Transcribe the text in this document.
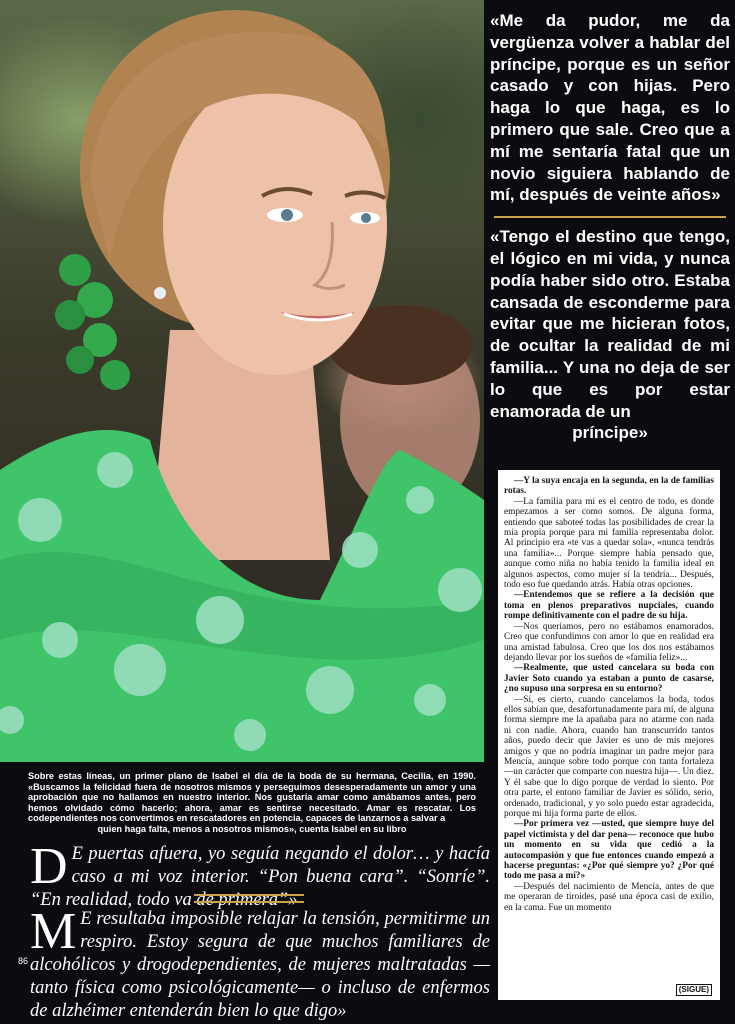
«Me da pudor, me da vergüenza volver a hablar del príncipe, porque es un señor casado y con hijas. Pero haga lo que haga, es lo primero que sale. Creo que a mí me sentaría fatal que un novio siguiera hablando de mí, después de veinte años»

«Tengo el destino que tengo, el lógico en mi vida, y nunca podía haber sido otro. Estaba cansada de esconderme para evitar que me hicieran fotos, de ocultar la realidad de mi familia... Y una no deja de ser lo que es por estar enamorada de un

príncipe»

—Y la suya encaja en la segunda, en la de familias rotas.

—La familia para mí es el centro de todo, es donde empezamos a ser como somos. De alguna forma, entiendo que saboteé todas las posibilidades de crear la mía propia porque para mi familia representaba dolor. Al principio era «te vas a quedar sola», «nunca tendrás una familia»... Porque siempre había pensado que, aunque como niña no había tenido la familia ideal en algunos aspectos, como mujer sí la tendría... Después, todo eso fue quedando atrás. Había otras opciones.

—Entendemos que se refiere a la decisión que toma en plenos preparativos nupciales, cuando rompe definitivamente con el padre de su hija.

—Nos queríamos, pero no estábamos enamorados. Creo que confundimos con amor lo que en realidad era una amistad fabulosa. Creo que los dos nos estábamos dejando llevar por los sueños de «familia feliz»...

—Realmente, que usted cancelara su boda con Javier Soto cuando ya estaban a punto de casarse, ¿no supuso una sorpresa en su entorno?

—Sí, es cierto, cuando cancelamos la boda, todos ellos sabían que, desafortunadamente para mí, de alguna forma siempre me la apañaba para no atarme con nada ni con nadie. Ahora, cuando han transcurrido tantos años, puedo decir que Javier es uno de mis mejores amigos y que no podría imaginar un padre mejor para Mencía, aunque sobre todo porque con tanta fortaleza —un carácter que comparte con nuestra hija—. Un diez. Y él sabe que lo digo porque de verdad lo siento. Por otra parte, el entono familiar de Javier es sólido, serio, ordenado, tradicional, y yo solo puedo estar agradecida, porque mi hija forma parte de ellos.

—Por primera vez —usted, que siempre huye del papel victimista y del dar pena— reconoce que hubo un momento en su vida que cedió a la autocompasión y que fue entonces cuando empezó a hacerse preguntas: «¿Por qué siempre yo? ¿Por qué todo me pasa a mí?»

—Después del nacimiento de Mencía, antes de que me operaran de tiroides, pasé una época casi de exilio, en la cama. Fue un momento

(SIGUE)
Sobre estas líneas, un primer plano de Isabel el día de la boda de su hermana, Cecilia, en 1990. «Buscamos la felicidad fuera de nosotros mismos y perseguimos desesperadamente un amor y una aprobación que no hallamos en nuestro interior. Nos gustaría amar como amábamos antes, pero hemos olvidado cómo hacerlo; ahora, amar es sentirse necesitado. Amar es rescatar. Los codependientes nos convertimos en rescatadores en potencia, capaces de lanzarnos a salvar a
quien haga falta, menos a nosotros mismos», cuenta Isabel en su libro
D E puertas afuera, yo seguía negando el dolor… y hacía caso a mi voz interior. “Pon buena cara”. “Sonríe”. “En realidad, todo va de primera”»
M E resultaba imposible relajar la tensión, permitirme un respiro. Estoy segura de que muchos familiares de alcohólicos y drogodependientes, de mujeres maltratadas —tanto física como psicológicamente— o incluso de enfermos de alzhéimer entenderán bien lo que digo»
86
